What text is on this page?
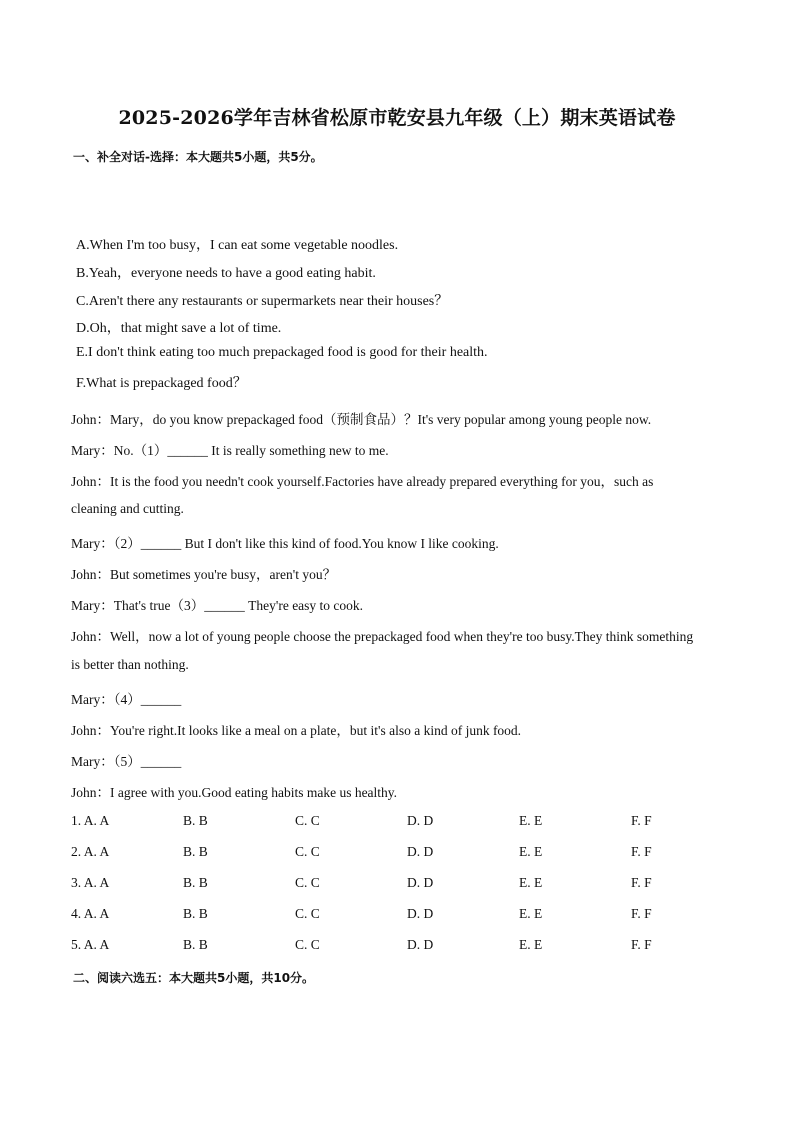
2025-2026学年吉林省松原市乾安县九年级（上）期末英语试卷
一、补全对话-选择：本大题共5小题，共5分。
A.When I'm too busy，I can eat some vegetable noodles.
B.Yeah，everyone needs to have a good eating habit.
C.Aren't there any restaurants or supermarkets near their houses？
D.Oh，that might save a lot of time.
E.I don't think eating too much prepackaged food is good for their health.
F.What is prepackaged food？
John：Mary，do you know prepackaged food（预制食品）？It's very popular among young people now.
Mary：No.（1）______ It is really something new to me.
John：It is the food you needn't cook yourself.Factories have already prepared everything for you，such as
cleaning and cutting.
Mary：（2）______ But I don't like this kind of food.You know I like cooking.
John：But sometimes you're busy，aren't you？
Mary：That's true（3）______ They're easy to cook.
John：Well，now a lot of young people choose the prepackaged food when they're too busy.They think something
is better than nothing.
Mary：（4）______
John：You're right.It looks like a meal on a plate，but it's also a kind of junk food.
Mary：（5）______
John：I agree with you.Good eating habits make us healthy.
1. A. A	B. B	C. C	D. D	E. E	F. F
2. A. A	B. B	C. C	D. D	E. E	F. F
3. A. A	B. B	C. C	D. D	E. E	F. F
4. A. A	B. B	C. C	D. D	E. E	F. F
5. A. A	B. B	C. C	D. D	E. E	F. F
二、阅读六选五：本大题共5小题，共10分。
